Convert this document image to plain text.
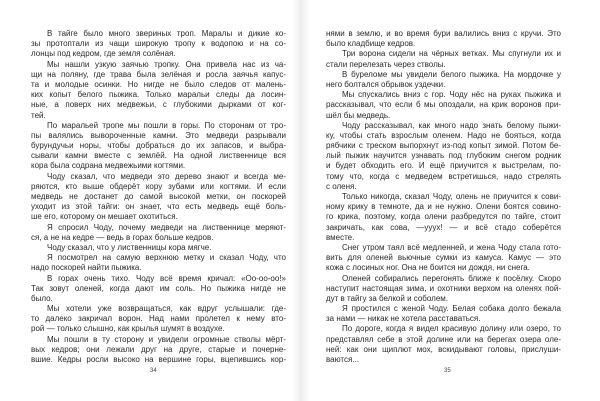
В тайге было много звериных троп. Маралы и дикие ко-
зы протоптали из чащи широкую тропу к водопою и на со-
лонцы под кедром, где земля солёная.
Мы нашли узкую заячью тропку. Она привела нас из ча-
щи на поляну, где трава была зелёная и росла заячья капус-
та и молодые осинки. Но нигде не было следов от малень-
ких копыт белого пыжика. Только маральи следы да лосин-
ные, а поверх них медвежьи, с глубокими дырками от ког-
тей.
По маральей тропе мы пошли в горы. По сторонам от тро-
пы валялись вывороченные камни. Это медведи разрывали
бурундучьи норы, чтобы добраться до их запасов, и выбра-
сывали камни вместе с землёй. На одной лиственнице вся
кора была содрана медвежьими когтями.
Чоду сказал, что медведи это дерево знают и всегда ме-
ряются, кто выше обдерёт кору зубами или когтями. И если
медведь не достанет до самой высокой метки, он поскорей
уходит из этой тайги: он знает, что есть медведь ещё боль-
ше его, которому он мешает охотиться.
Я спросил Чоду, почему медведи на лиственнице меряют-
ся, а не на кедре — ведь в горах больше кедров.
Чоду сказал, что у лиственницы кора мягче.
Я посмотрел на самую верхнюю метку и сказал Чоду, что
надо поскорей найти пыжика.
В горах очень тихо. Чоду всё время кричал: «Оо-оо-оо!»
Так зовут оленей, когда дают им соль. Но пыжика нигде не
было.
Мы хотели уже возвращаться, как вдруг услышали: где-
то далеко закричал ворон. Над нами пролетел к нему вто-
рой — только слышно, как крылья шумят в воздухе.
Мы пошли в ту сторону и увидели огромные стволы мёрт-
вых кедров; они лежали друг на друге, старые и почерне-
вшие. Кедры росли высоко на вершине горы, вцепившись кор-
нями в землю, и во время бури валились вниз с кручи. Это
было кладбище кедров.
Три ворона сидели на чёрных ветках. Мы спугнули их и
стали перелезать через стволы.
В буреломе мы увидели белого пыжика. На мордочке у
него болтался обрывок уздечки.
Мы спускались вниз с гор. Чоду нёс на руках пыжика и
рассказывал, что если б мы опоздали, на крик воронов при-
шёл бы медведь.
Чоду рассказывал, как много надо знать белому пыжи-
ку, чтобы стать взрослым оленем. Надо не бояться, когда
рябчики с треском выпорхнут из-под копыт зимой. Потом бе-
лый пыжик научится узнавать под глубоким снегом родник
и будет обходить его. И ещё приучится к выстрелам, по-
тому что, когда с медведем встретишься, надо стрелять
с оленя.
Только никогда, сказал Чоду, олень не приучится к сови-
ному крику в темноте, да и не нужно. Олени боятся совино-
го крика, поэтому, когда олени разбредутся по тайге, стоит
закричать, как сова, —ууух! — и всё стадо соберётся
вместе.
Снег утром таял всё медленней, и жена Чоду стала гото-
вить для оленей вьючные сумки из камуса. Камус — это
кожа с лосиных ног. Она не боится ни дождя, ни снега.
Оленей собирались перегонять ближе к посёлку. Скоро
наступит настоящая зима, и охотники верхом на оленях пой-
дут в тайгу за белкой и соболем.
Я простился с женой Чоду. Белая собака долго бежала
за нами — никак не хотела расставаться.
По дороге, когда я видел красивую долину или озеро, то
представлял себе в этой долине или на берегах озера оле-
ней: как они щиплют мох, вскидывают головы, прислуши-
ваются...
34	35
